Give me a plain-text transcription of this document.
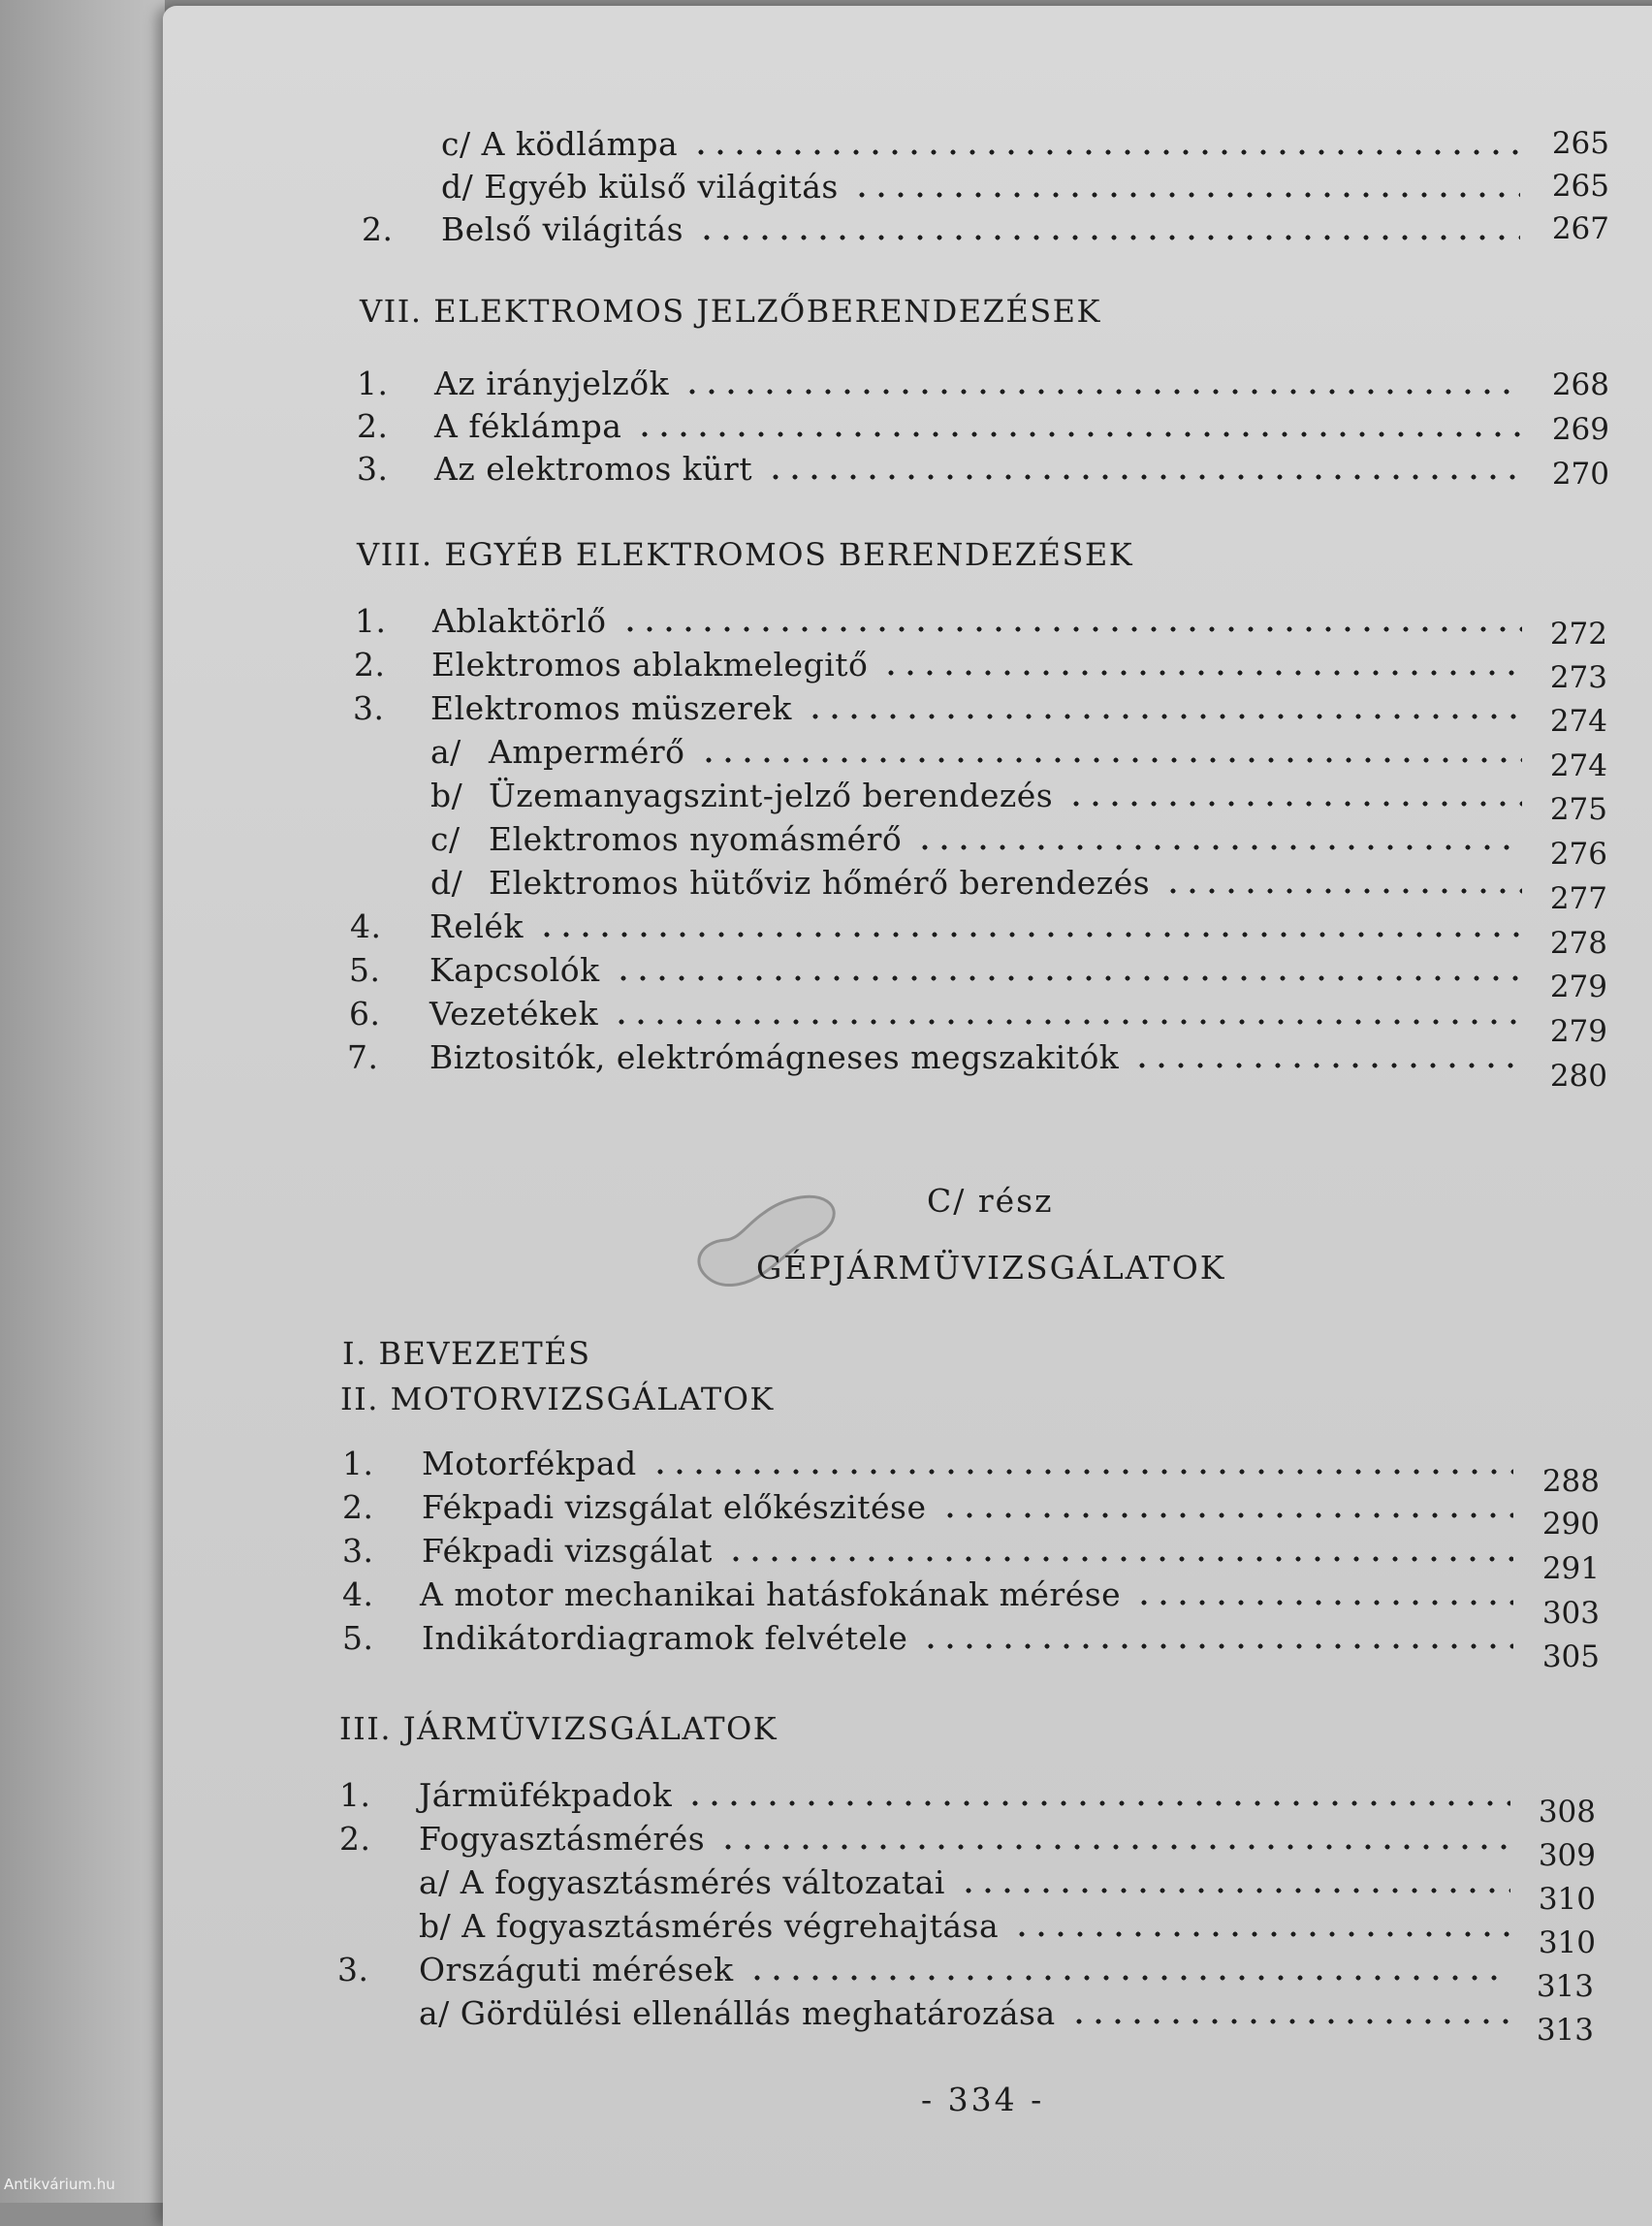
c/ A ködlámpa	265
d/ Egyéb külső világitás	265
2.	Belső világitás	267
VII. ELEKTROMOS JELZŐBERENDEZÉSEK
1.	Az irányjelzők	268
2.	A féklámpa	269
3.	Az elektromos kürt	270
VIII. EGYÉB ELEKTROMOS BERENDEZÉSEK
1.	Ablaktörlő	272
2.	Elektromos ablakmelegitő	273
3.	Elektromos müszerek	274
a/ Ampermérő	274
b/ Üzemanyagszint-jelző berendezés	275
c/ Elektromos nyomásmérő	276
d/ Elektromos hütőviz hőmérő berendezés	277
4.	Relék	278
5.	Kapcsolók	279
6.	Vezetékek	279
7.	Biztositók, elektrómágneses megszakitók	280
C/ rész
GÉPJÁRMÜVIZSGÁLATOK
I. BEVEZETÉS
II. MOTORVIZSGÁLATOK
1.	Motorfékpad	288
2.	Fékpadi vizsgálat előkészitése	290
3.	Fékpadi vizsgálat	291
4.	A motor mechanikai hatásfokának mérése	303
5.	Indikátordiagramok felvétele	305
III. JÁRMÜVIZSGÁLATOK
1.	Jármüfékpadok	308
2.	Fogyasztásmérés	309
a/ A fogyasztásmérés változatai	310
b/ A fogyasztásmérés végrehajtása	310
3.	Országuti mérések	313
a/ Gördülési ellenállás meghatározása	313
- 334 -
Antikvárium.hu
